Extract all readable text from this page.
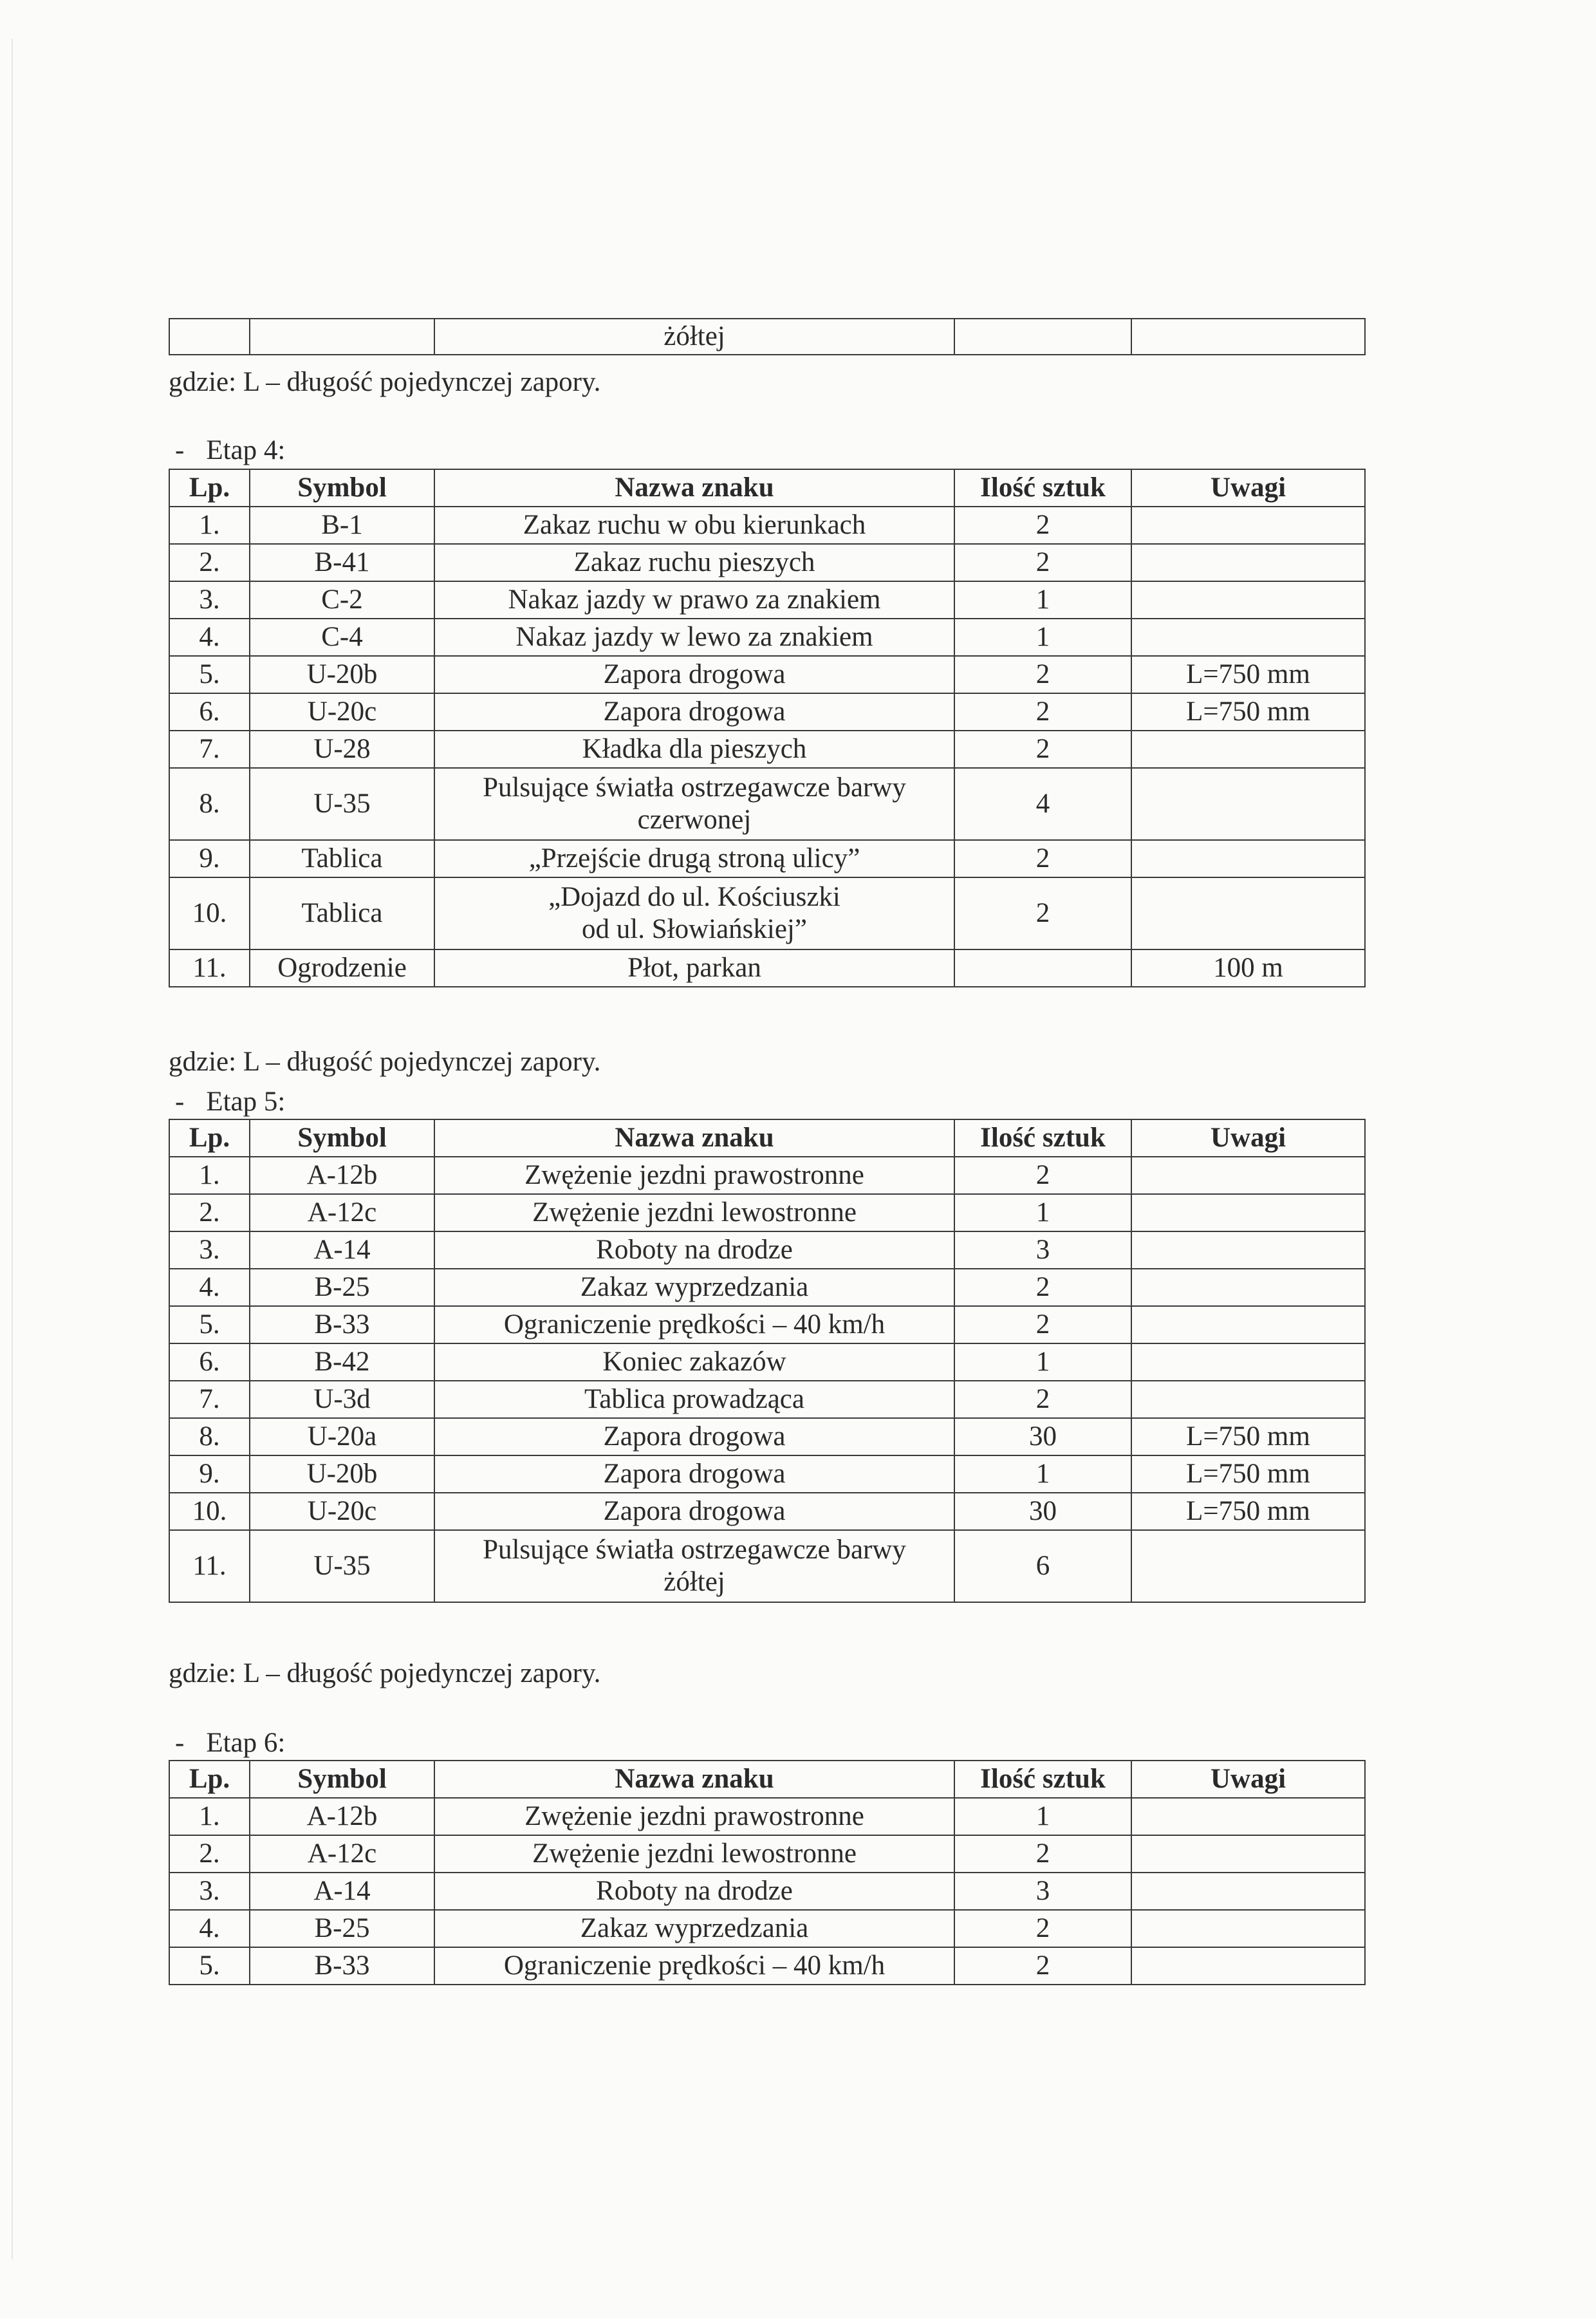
		żółtej		
gdzie: L – długość pojedynczej zapory.
- Etap 4:
Lp.	Symbol	Nazwa znaku	Ilość sztuk	Uwagi
1.	B-1	Zakaz ruchu w obu kierunkach	2	
2.	B-41	Zakaz ruchu pieszych	2	
3.	C-2	Nakaz jazdy w prawo za znakiem	1	
4.	C-4	Nakaz jazdy w lewo za znakiem	1	
5.	U-20b	Zapora drogowa	2	L=750 mm
6.	U-20c	Zapora drogowa	2	L=750 mm
7.	U-28	Kładka dla pieszych	2	
8.	U-35	Pulsujące światła ostrzegawcze barwy
czerwonej	4	
9.	Tablica	„Przejście drugą stroną ulicy”	2	
10.	Tablica	„Dojazd do ul. Kościuszki
od ul. Słowiańskiej”	2	
11.	Ogrodzenie	Płot, parkan		100 m
gdzie: L – długość pojedynczej zapory.
- Etap 5:
Lp.	Symbol	Nazwa znaku	Ilość sztuk	Uwagi
1.	A-12b	Zwężenie jezdni prawostronne	2	
2.	A-12c	Zwężenie jezdni lewostronne	1	
3.	A-14	Roboty na drodze	3	
4.	B-25	Zakaz wyprzedzania	2	
5.	B-33	Ograniczenie prędkości – 40 km/h	2	
6.	B-42	Koniec zakazów	1	
7.	U-3d	Tablica prowadząca	2	
8.	U-20a	Zapora drogowa	30	L=750 mm
9.	U-20b	Zapora drogowa	1	L=750 mm
10.	U-20c	Zapora drogowa	30	L=750 mm
11.	U-35	Pulsujące światła ostrzegawcze barwy
żółtej	6	
gdzie: L – długość pojedynczej zapory.
- Etap 6:
Lp.	Symbol	Nazwa znaku	Ilość sztuk	Uwagi
1.	A-12b	Zwężenie jezdni prawostronne	1	
2.	A-12c	Zwężenie jezdni lewostronne	2	
3.	A-14	Roboty na drodze	3	
4.	B-25	Zakaz wyprzedzania	2	
5.	B-33	Ograniczenie prędkości – 40 km/h	2	
